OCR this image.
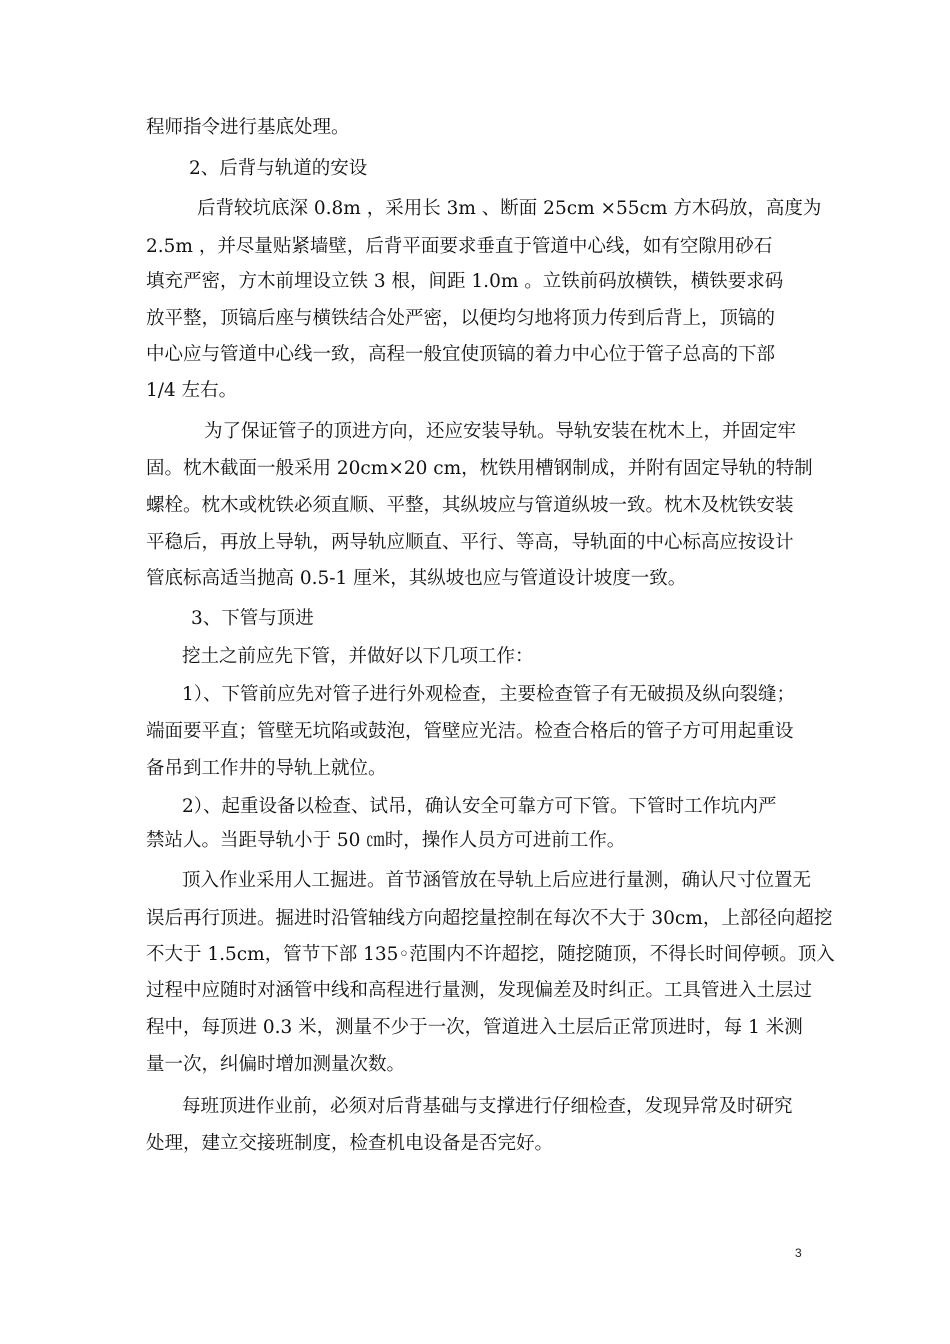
程师指令进行基底处理。
2、后背与轨道的安设
后背较坑底深 0.8m ，采用长 3m 、断面 25cm ×55cm 方木码放，高度为
2.5m ，并尽量贴紧墙壁，后背平面要求垂直于管道中心线，如有空隙用砂石
填充严密，方木前埋设立铁 3 根，间距 1.0m 。立铁前码放横铁，横铁要求码
放平整，顶镐后座与横铁结合处严密，以便均匀地将顶力传到后背上，顶镐的
中心应与管道中心线一致，高程一般宜使顶镐的着力中心位于管子总高的下部
1/4 左右。
为了保证管子的顶进方向，还应安装导轨。导轨安装在枕木上，并固定牢
固。枕木截面一般采用 20cm×20 cm，枕铁用槽钢制成，并附有固定导轨的特制
螺栓。枕木或枕铁必须直顺、平整，其纵坡应与管道纵坡一致。枕木及枕铁安装
平稳后，再放上导轨，两导轨应顺直、平行、等高，导轨面的中心标高应按设计
管底标高适当抛高 0.5-1 厘米，其纵坡也应与管道设计坡度一致。
3、下管与顶进
挖土之前应先下管，并做好以下几项工作：
1）、下管前应先对管子进行外观检查，主要检查管子有无破损及纵向裂缝；
端面要平直；管壁无坑陷或鼓泡，管壁应光洁。检查合格后的管子方可用起重设
备吊到工作井的导轨上就位。
2）、起重设备以检查、试吊，确认安全可靠方可下管。下管时工作坑内严
禁站人。当距导轨小于 50 ㎝时，操作人员方可进前工作。
顶入作业采用人工掘进。首节涵管放在导轨上后应进行量测，确认尺寸位置无
误后再行顶进。掘进时沿管轴线方向超挖量控制在每次不大于 30cm，上部径向超挖
不大于 1.5cm，管节下部 135◦范围内不许超挖，随挖随顶，不得长时间停顿。顶入
过程中应随时对涵管中线和高程进行量测，发现偏差及时纠正。工具管进入土层过
程中，每顶进 0.3 米，测量不少于一次，管道进入土层后正常顶进时，每 1 米测
量一次，纠偏时增加测量次数。
每班顶进作业前，必须对后背基础与支撑进行仔细检查，发现异常及时研究
处理，建立交接班制度，检查机电设备是否完好。
3
